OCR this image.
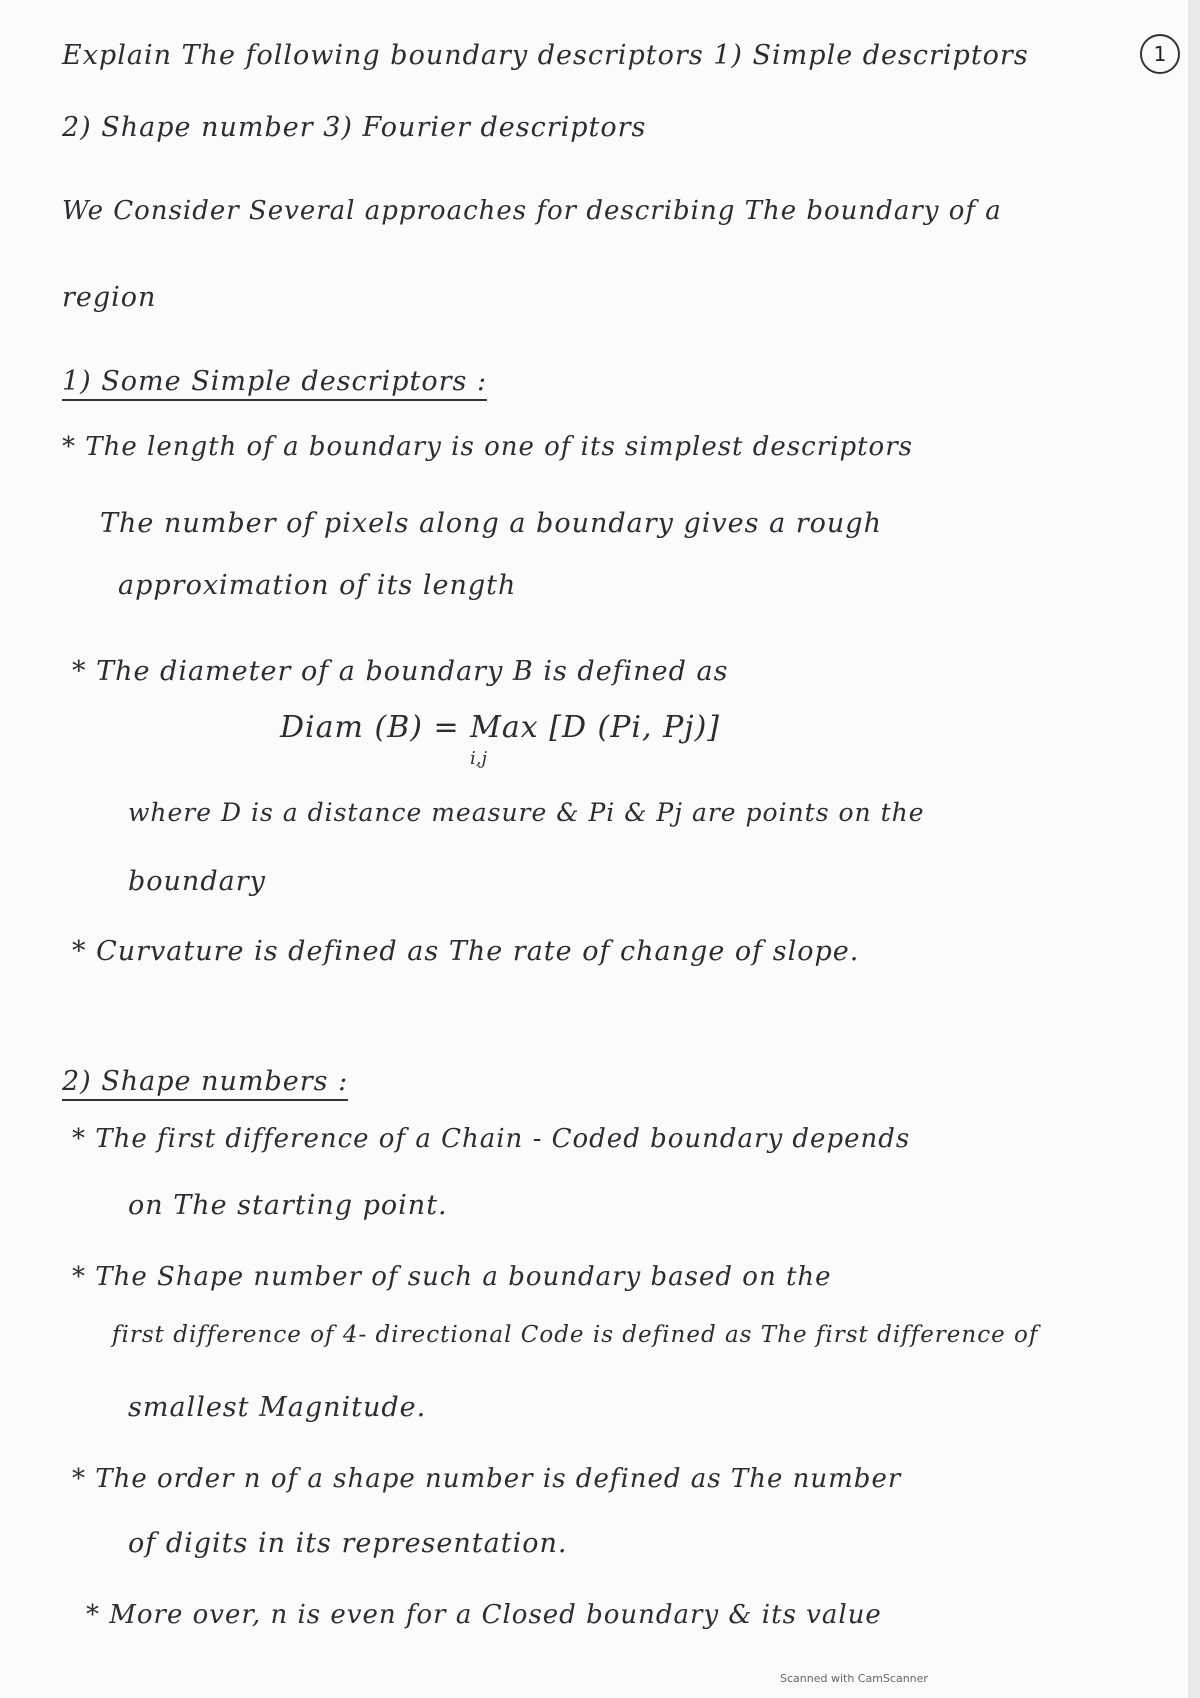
1
Explain The following boundary descriptors 1) Simple descriptors
2) Shape number 3) Fourier descriptors
We Consider Several approaches for describing The boundary of a
region
1) Some Simple descriptors :
* The length of a boundary is one of its simplest descriptors
The number of pixels along a boundary gives a rough
approximation of its length
* The diameter of a boundary B is defined as
Diam (B) = Max [D (Pi, Pj)]
i,j
where D is a distance measure & Pi & Pj are points on the
boundary
* Curvature is defined as The rate of change of slope.
2) Shape numbers :
* The first difference of a Chain - Coded boundary depends
on The starting point.
* The Shape number of such a boundary based on the
first difference of 4- directional Code is defined as The first difference of
smallest Magnitude.
* The order n of a shape number is defined as The number
of digits in its representation.
* More over, n is even for a Closed boundary & its value
Scanned with CamScanner
